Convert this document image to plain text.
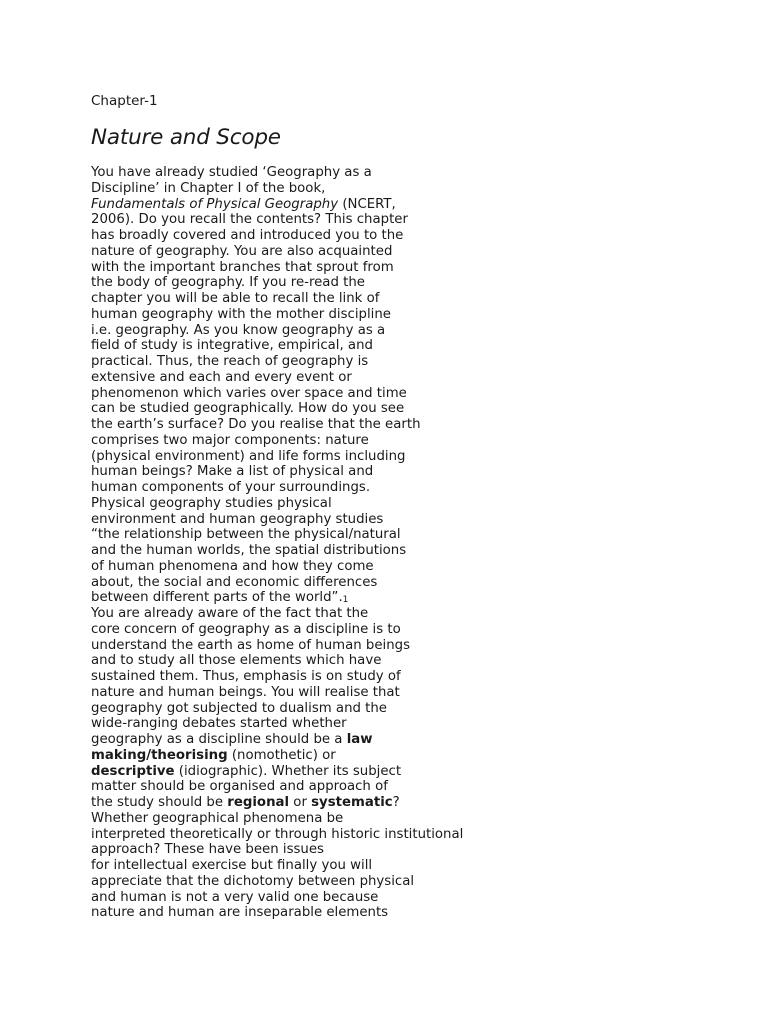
Chapter-1

Nature and Scope
You have already studied ‘Geography as a
Discipline’ in Chapter I of the book,
Fundamentals of Physical Geography (NCERT,
2006). Do you recall the contents? This chapter
has broadly covered and introduced you to the
nature of geography. You are also acquainted
with the important branches that sprout from
the body of geography. If you re-read the
chapter you will be able to recall the link of
human geography with the mother discipline
i.e. geography. As you know geography as a
field of study is integrative, empirical, and
practical. Thus, the reach of geography is
extensive and each and every event or
phenomenon which varies over space and time
can be studied geographically. How do you see
the earth’s surface? Do you realise that the earth
comprises two major components: nature
(physical environment) and life forms including
human beings? Make a list of physical and
human components of your surroundings.
Physical geography studies physical
environment and human geography studies
“the relationship between the physical/natural
and the human worlds, the spatial distributions
of human phenomena and how they come
about, the social and economic differences
between different parts of the world”.1
You are already aware of the fact that the
core concern of geography as a discipline is to
understand the earth as home of human beings
and to study all those elements which have
sustained them. Thus, emphasis is on study of
nature and human beings. You will realise that
geography got subjected to dualism and the
wide-ranging debates started whether
geography as a discipline should be a law
making/theorising (nomothetic) or
descriptive (idiographic). Whether its subject
matter should be organised and approach of
the study should be regional or systematic?
Whether geographical phenomena be
interpreted theoretically or through historic institutional
approach? These have been issues
for intellectual exercise but finally you will
appreciate that the dichotomy between physical
and human is not a very valid one because
nature and human are inseparable elements
